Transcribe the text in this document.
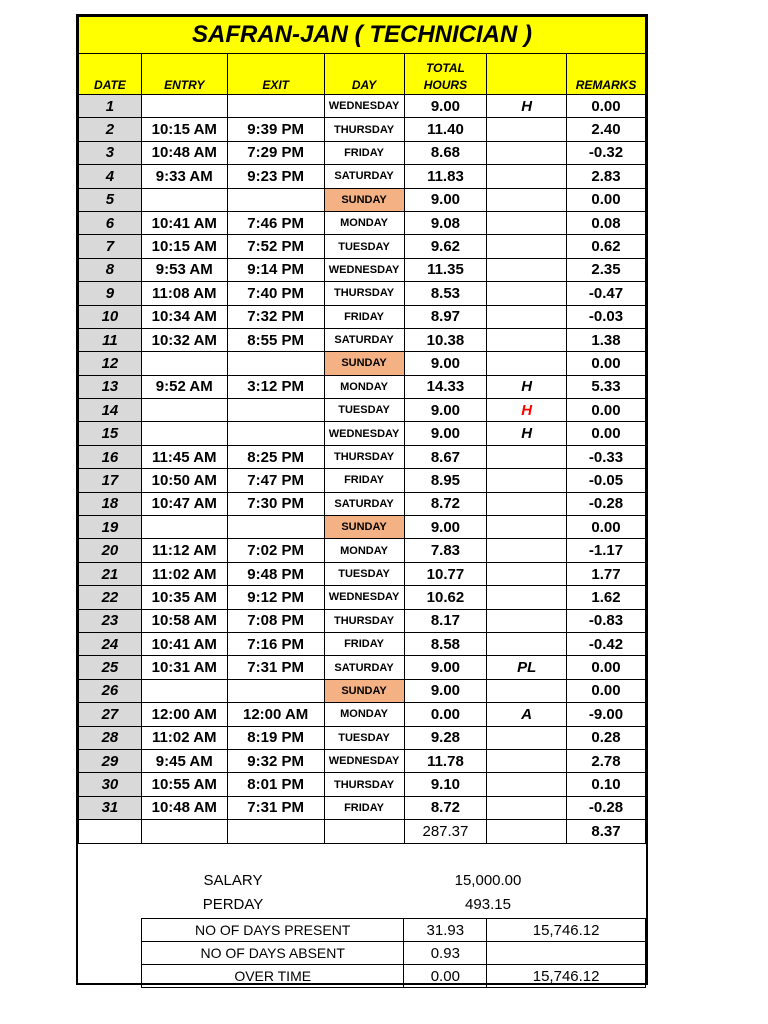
SAFRAN-JAN ( TECHNICIAN )						
DATE	ENTRY	EXIT	DAY	TOTAL
HOURS		REMARKS
1			WEDNESDAY	9.00	H	0.00
2	10:15 AM	9:39 PM	THURSDAY	11.40		2.40
3	10:48 AM	7:29 PM	FRIDAY	8.68		-0.32
4	9:33 AM	9:23 PM	SATURDAY	11.83		2.83
5			SUNDAY	9.00		0.00
6	10:41 AM	7:46 PM	MONDAY	9.08		0.08
7	10:15 AM	7:52 PM	TUESDAY	9.62		0.62
8	9:53 AM	9:14 PM	WEDNESDAY	11.35		2.35
9	11:08 AM	7:40 PM	THURSDAY	8.53		-0.47
10	10:34 AM	7:32 PM	FRIDAY	8.97		-0.03
11	10:32 AM	8:55 PM	SATURDAY	10.38		1.38
12			SUNDAY	9.00		0.00
13	9:52 AM	3:12 PM	MONDAY	14.33	H	5.33
14			TUESDAY	9.00	H	0.00
15			WEDNESDAY	9.00	H	0.00
16	11:45 AM	8:25 PM	THURSDAY	8.67		-0.33
17	10:50 AM	7:47 PM	FRIDAY	8.95		-0.05
18	10:47 AM	7:30 PM	SATURDAY	8.72		-0.28
19			SUNDAY	9.00		0.00
20	11:12 AM	7:02 PM	MONDAY	7.83		-1.17
21	11:02 AM	9:48 PM	TUESDAY	10.77		1.77
22	10:35 AM	9:12 PM	WEDNESDAY	10.62		1.62
23	10:58 AM	7:08 PM	THURSDAY	8.17		-0.83
24	10:41 AM	7:16 PM	FRIDAY	8.58		-0.42
25	10:31 AM	7:31 PM	SATURDAY	9.00	PL	0.00
26			SUNDAY	9.00		0.00
27	12:00 AM	12:00 AM	MONDAY	0.00	A	-9.00
28	11:02 AM	8:19 PM	TUESDAY	9.28		0.28
29	9:45 AM	9:32 PM	WEDNESDAY	11.78		2.78
30	10:55 AM	8:01 PM	THURSDAY	9.10		0.10
31	10:48 AM	7:31 PM	FRIDAY	8.72		-0.28
				287.37		8.37
SALARY	15,000.00
PERDAY	493.15
NO OF DAYS PRESENT	31.93	15,746.12
NO OF DAYS ABSENT	0.93	
OVER TIME	0.00	15,746.12
